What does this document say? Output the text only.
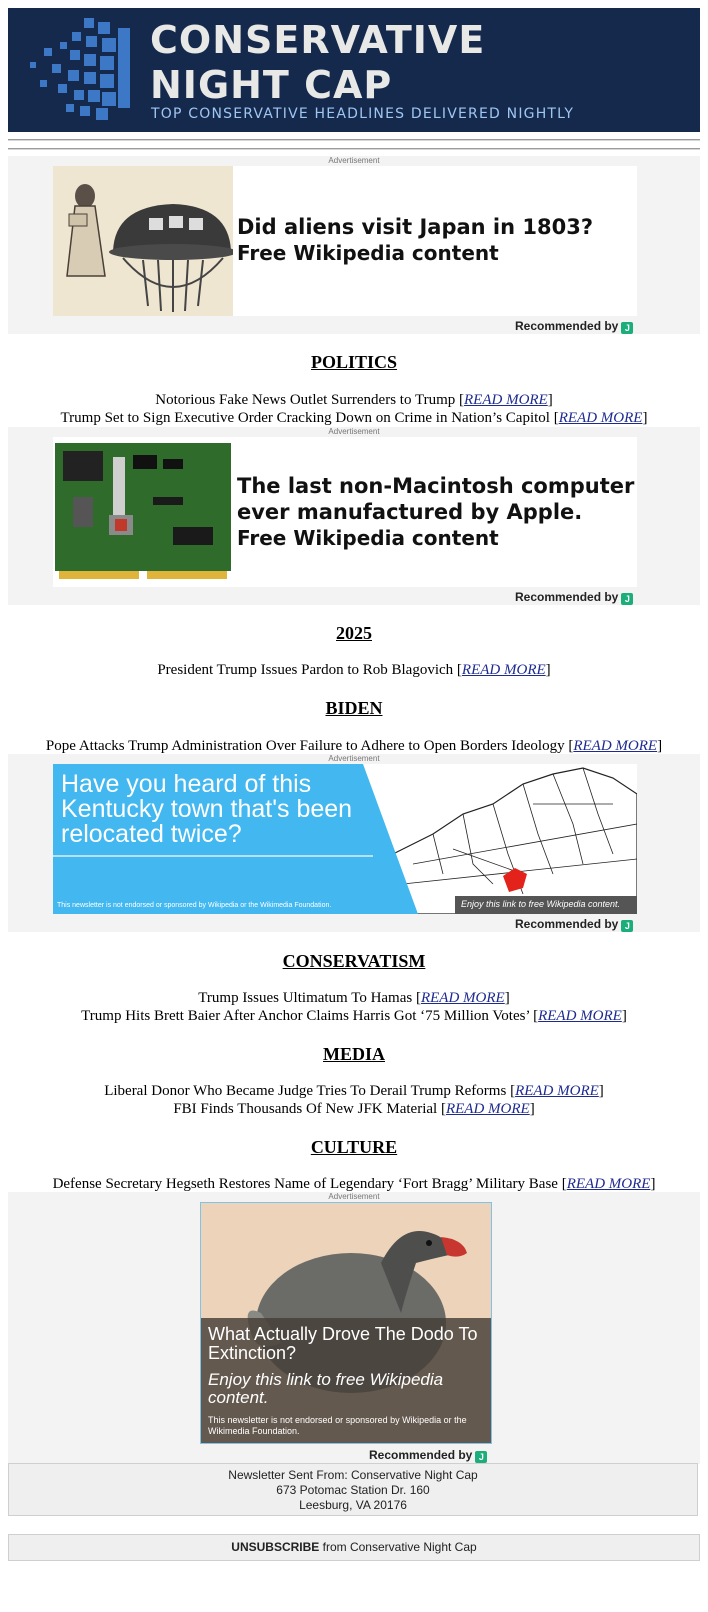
CONSERVATIVE
NIGHT CAP
TOP CONSERVATIVE HEADLINES DELIVERED NIGHTLY
Advertisement
Did aliens visit Japan in 1803?
Free Wikipedia content
Recommended by J
POLITICS
Notorious Fake News Outlet Surrenders to Trump [READ MORE]
Trump Set to Sign Executive Order Cracking Down on Crime in Nation’s Capitol [READ MORE]
Advertisement
The last non-Macintosh computer
ever manufactured by Apple.
Free Wikipedia content
Recommended by J
2025
President Trump Issues Pardon to Rob Blagovich [READ MORE]
BIDEN
Pope Attacks Trump Administration Over Failure to Adhere to Open Borders Ideology [READ MORE]
Advertisement
Have you heard of this Kentucky town that's been relocated twice?
This newsletter is not endorsed or sponsored by Wikipedia or the Wikimedia Foundation.	Enjoy this link to free Wikipedia content.
Recommended by J
CONSERVATISM
Trump Issues Ultimatum To Hamas [READ MORE]
Trump Hits Brett Baier After Anchor Claims Harris Got ‘75 Million Votes’ [READ MORE]
MEDIA
Liberal Donor Who Became Judge Tries To Derail Trump Reforms [READ MORE]
FBI Finds Thousands Of New JFK Material [READ MORE]
CULTURE
Defense Secretary Hegseth Restores Name of Legendary ‘Fort Bragg’ Military Base [READ MORE]
Advertisement
What Actually Drove The Dodo To Extinction?
Enjoy this link to free Wikipedia content.
This newsletter is not endorsed or sponsored by Wikipedia or the Wikimedia Foundation.
Recommended by J
Newsletter Sent From: Conservative Night Cap
673 Potomac Station Dr. 160
Leesburg, VA 20176
UNSUBSCRIBE from Conservative Night Cap
